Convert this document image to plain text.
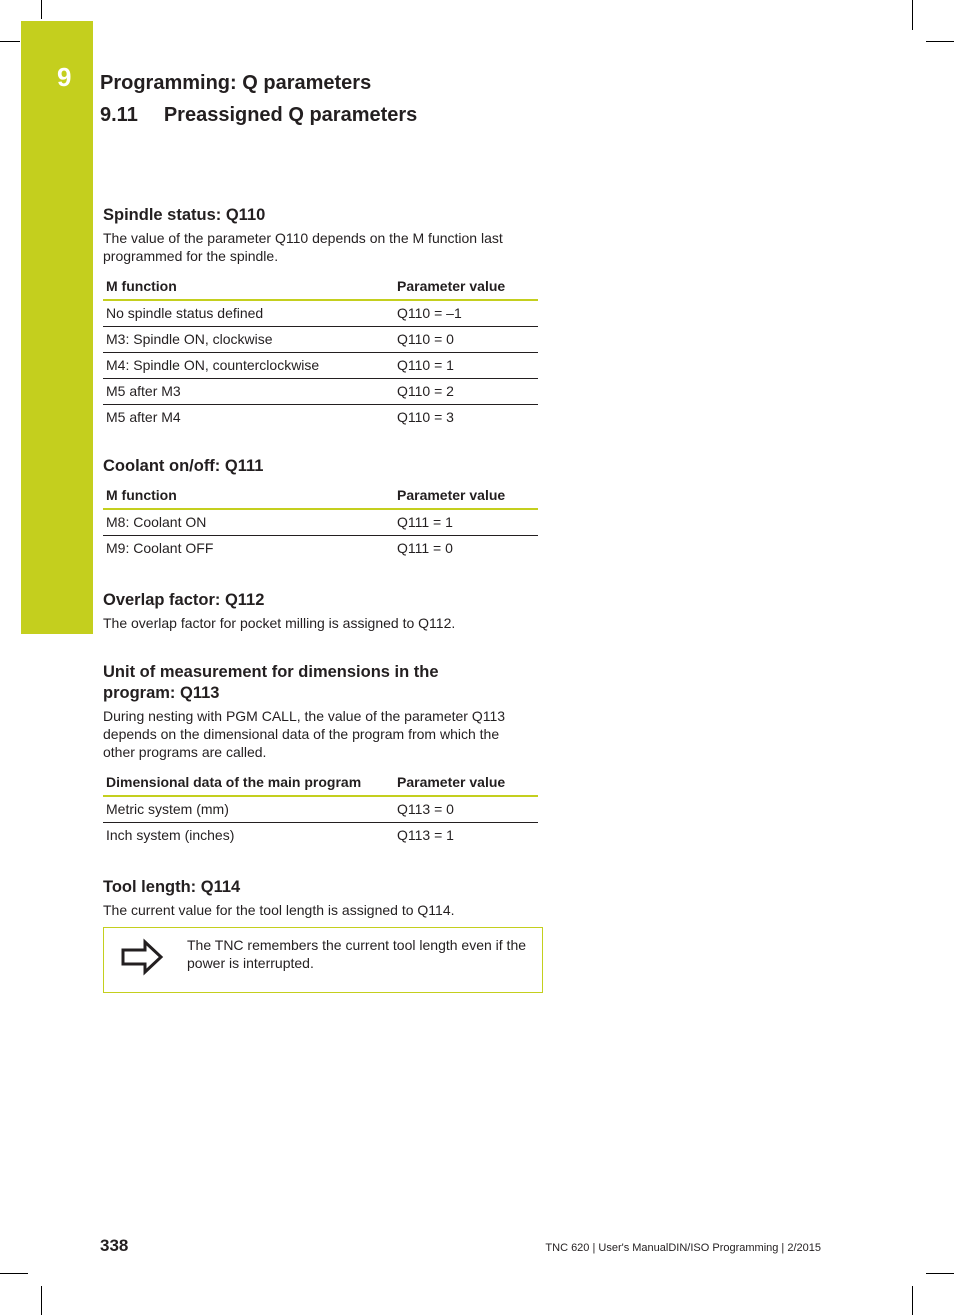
9 Programming: Q parameters
9.11 Preassigned Q parameters
Spindle status: Q110

The value of the parameter Q110 depends on the M function last programmed for the spindle.

M function	Parameter value
No spindle status defined	Q110 = –1
M3: Spindle ON, clockwise	Q110 = 0
M4: Spindle ON, counterclockwise	Q110 = 1
M5 after M3	Q110 = 2
M5 after M4	Q110 = 3
Coolant on/off: Q111
M function	Parameter value
M8: Coolant ON	Q111 = 1
M9: Coolant OFF	Q111 = 0
Overlap factor: Q112

The overlap factor for pocket milling is assigned to Q112.

Unit of measurement for dimensions in the
program: Q113

During nesting with PGM CALL, the value of the parameter Q113 depends on the dimensional data of the program from which the other programs are called.

Dimensional data of the main program	Parameter value
Metric system (mm)	Q113 = 0
Inch system (inches)	Q113 = 1
Tool length: Q114

The current value for the tool length is assigned to Q114.

The TNC remembers the current tool length even if the power is interrupted.
338	TNC 620 | User's ManualDIN/ISO Programming | 2/2015
